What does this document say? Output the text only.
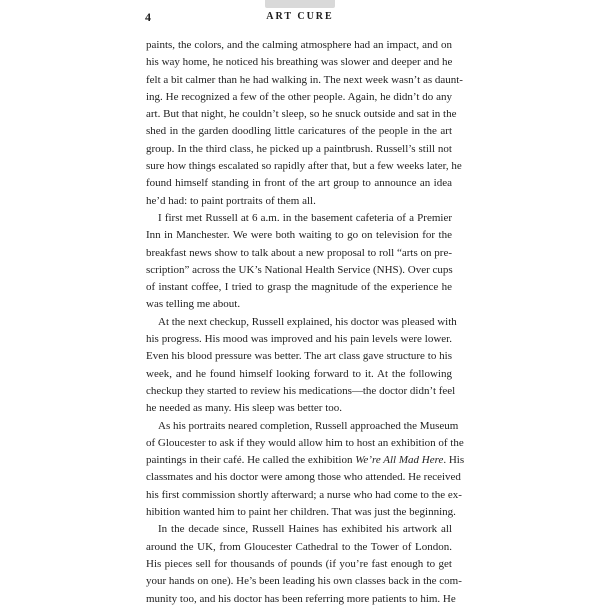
4	ART CURE

paints, the colors, and the calming atmosphere had an impact, and on
his way home, he noticed his breathing was slower and deeper and he
felt a bit calmer than he had walking in. The next week wasn’t as daunt-
ing. He recognized a few of the other people. Again, he didn’t do any
art. But that night, he couldn’t sleep, so he snuck outside and sat in the
shed in the garden doodling little caricatures of the people in the art
group. In the third class, he picked up a paintbrush. Russell’s still not
sure how things escalated so rapidly after that, but a few weeks later, he
found himself standing in front of the art group to announce an idea
he’d had: to paint portraits of them all.

I first met Russell at 6 a.m. in the basement cafeteria of a Premier
Inn in Manchester. We were both waiting to go on television for the
breakfast news show to talk about a new proposal to roll “arts on pre-
scription” across the UK’s National Health Service (NHS). Over cups
of instant coffee, I tried to grasp the magnitude of the experience he
was telling me about.

At the next checkup, Russell explained, his doctor was pleased with
his progress. His mood was improved and his pain levels were lower.
Even his blood pressure was better. The art class gave structure to his
week, and he found himself looking forward to it. At the following
checkup they started to review his medications—the doctor didn’t feel
he needed as many. His sleep was better too.

As his portraits neared completion, Russell approached the Museum
of Gloucester to ask if they would allow him to host an exhibition of the
paintings in their café. He called the exhibition We’re All Mad Here. His
classmates and his doctor were among those who attended. He received
his first commission shortly afterward; a nurse who had come to the ex-
hibition wanted him to paint her children. That was just the beginning.

In the decade since, Russell Haines has exhibited his artwork all
around the UK, from Gloucester Cathedral to the Tower of London.
His pieces sell for thousands of pounds (if you’re fast enough to get
your hands on one). He’s been leading his own classes back in the com-
munity too, and his doctor has been referring more patients to him. He
